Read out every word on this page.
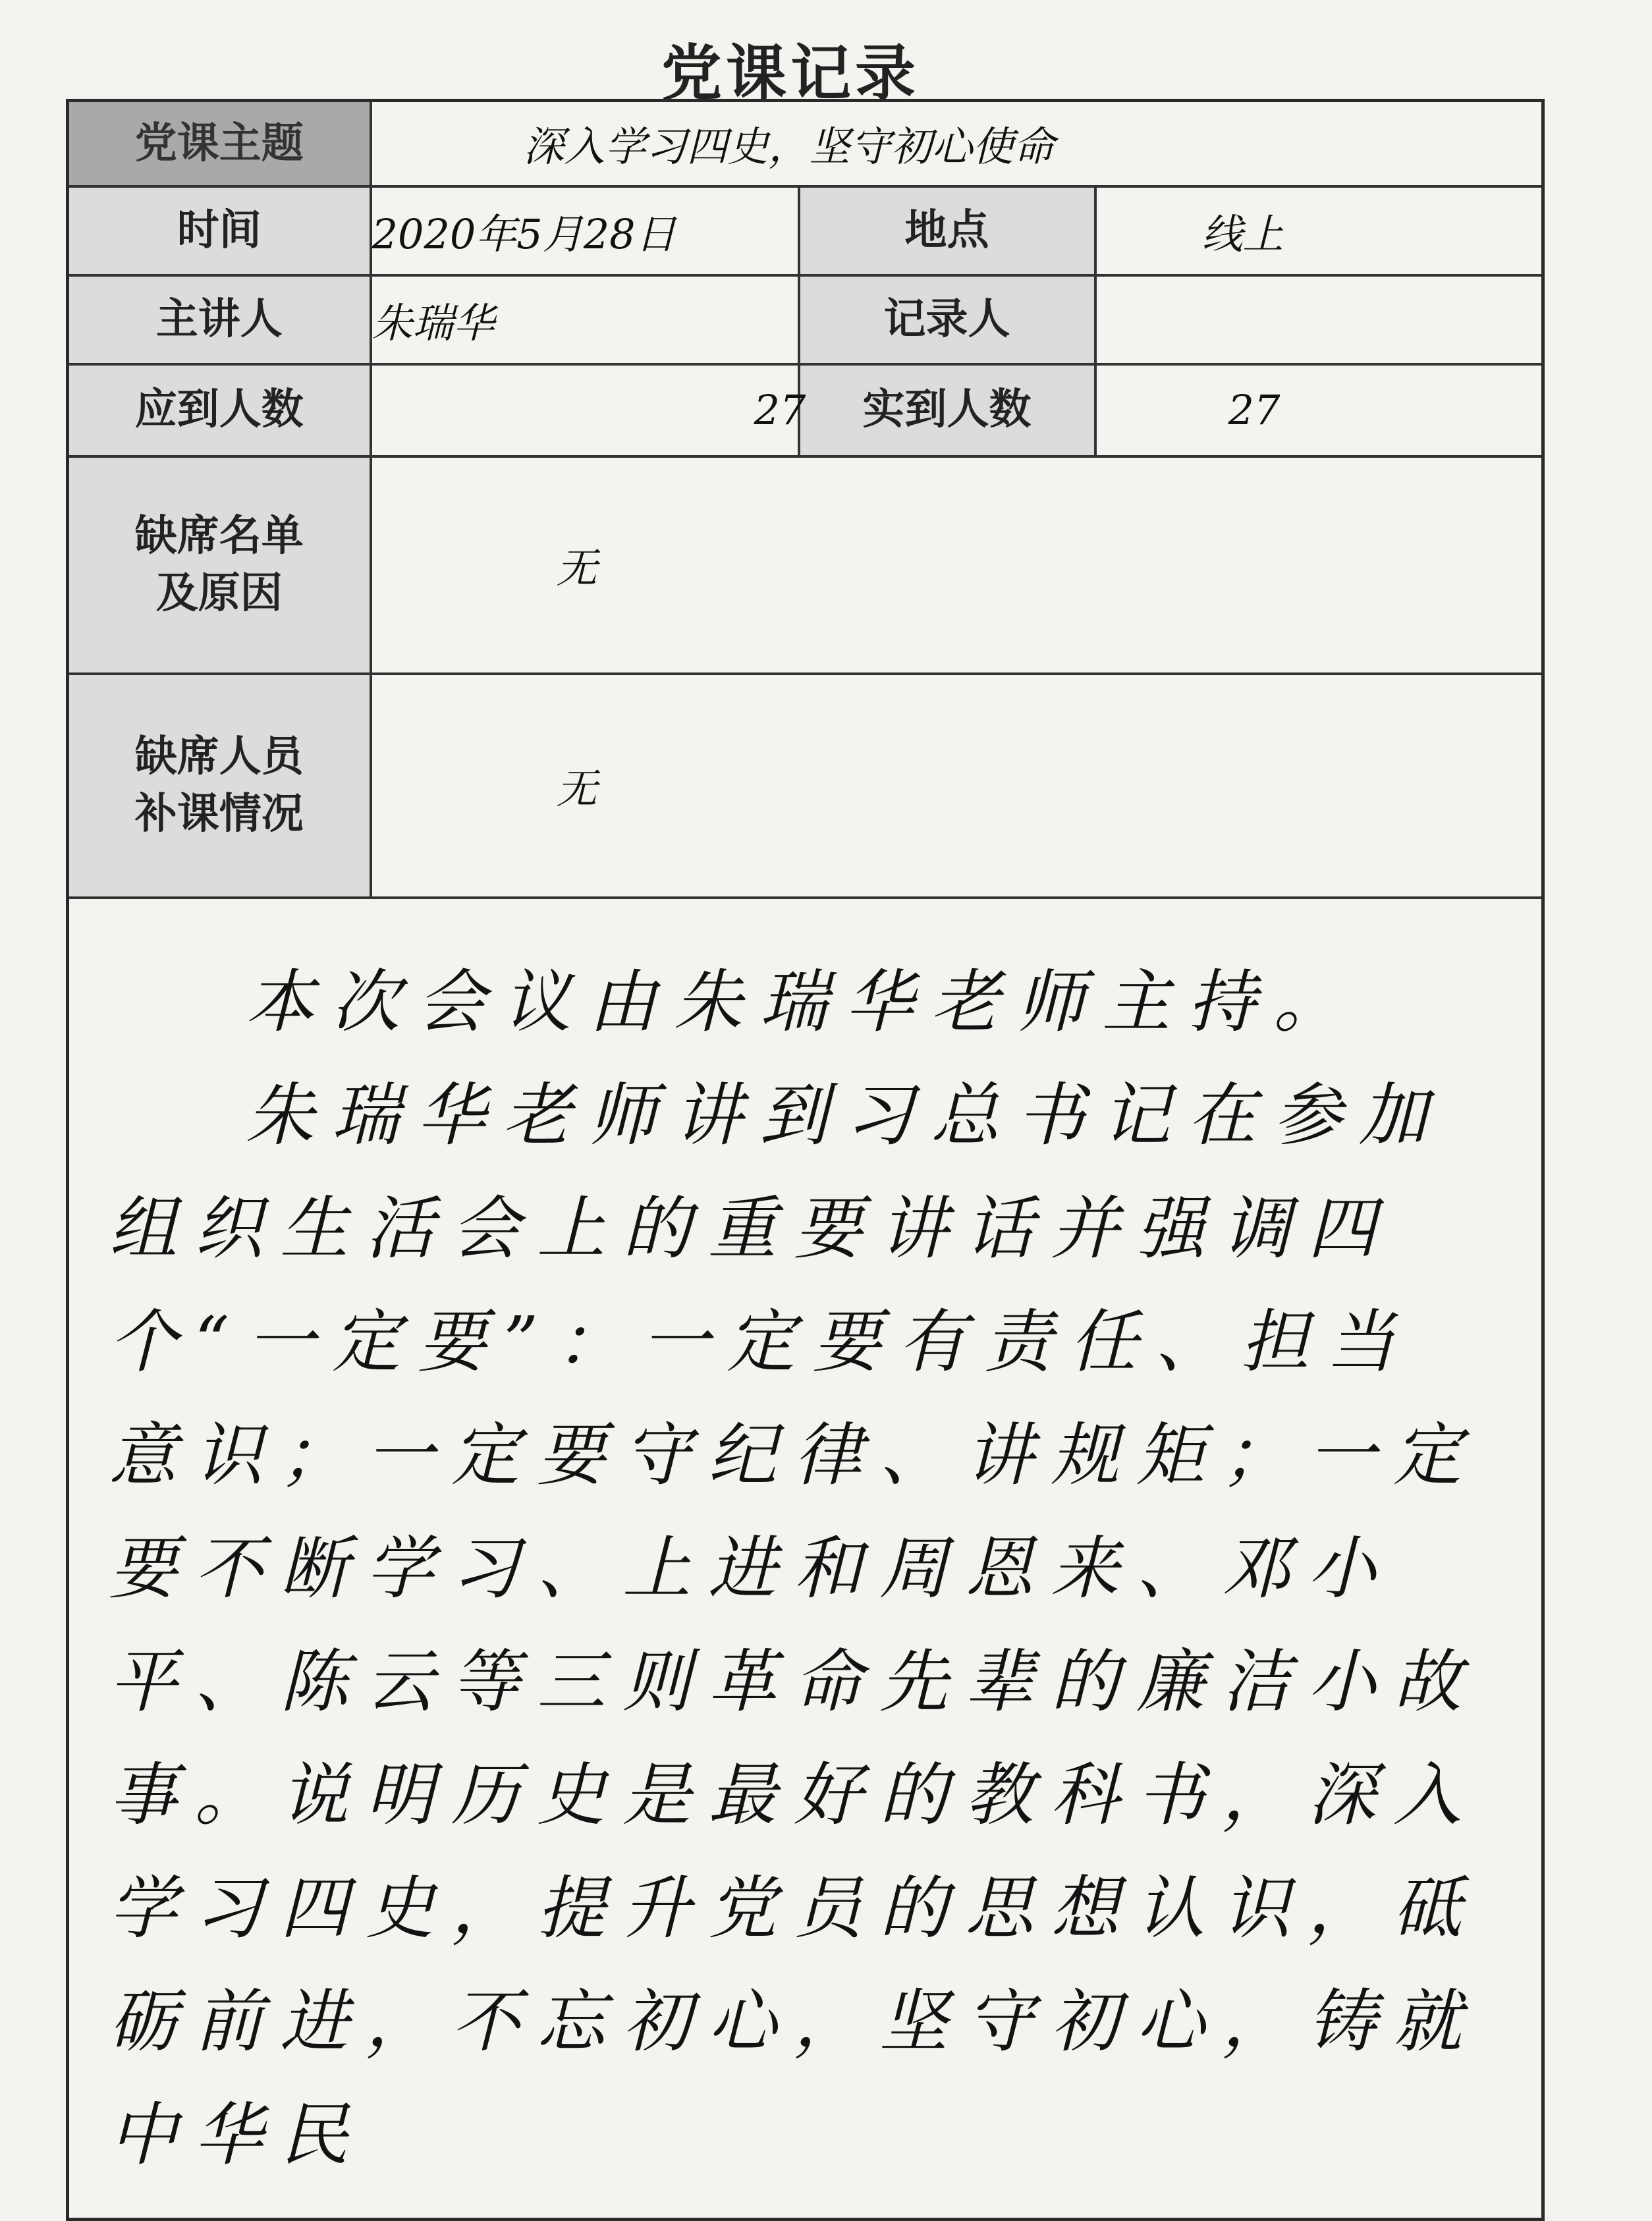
党课记录
党课主题	深入学习四史，坚守初心使命		
时间	2020年5月28日	地点	线上
主讲人	朱瑞华	记录人	
应到人数	27	实到人数	27
缺席名单
及原因	无		
缺席人员
补课情况	无		

本次会议由朱瑞华老师主持。

朱瑞华老师讲到习总书记在参加组织生活会上的重要讲话并强调四个“一定要”：一定要有责任、担当意识；一定要守纪律、讲规矩；一定要不断学习、上进和周恩来、邓小平、陈云等三则革命先辈的廉洁小故事。说明历史是最好的教科书，深入学习四史，提升党员的思想认识，砥砺前进，不忘初心，坚守初心，铸就中华民			
